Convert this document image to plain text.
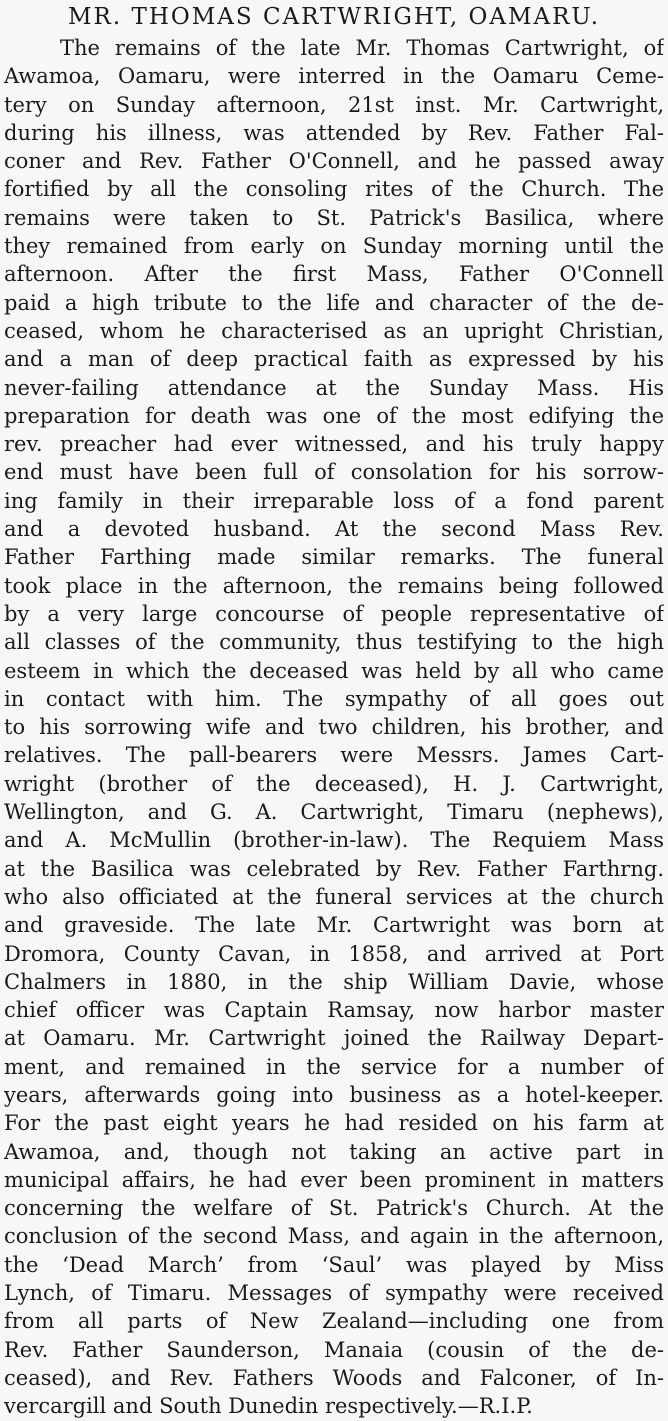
MR. THOMAS CARTWRIGHT, OAMARU.
The remains of the late Mr. Thomas Cartwright, of
Awamoa, Oamaru, were interred in the Oamaru Ceme-
tery on Sunday afternoon, 21st inst. Mr. Cartwright,
during his illness, was attended by Rev. Father Fal-
coner and Rev. Father O'Connell, and he passed away
fortified by all the consoling rites of the Church. The
remains were taken to St. Patrick's Basilica, where
they remained from early on Sunday morning until the
afternoon. After the first Mass, Father O'Connell
paid a high tribute to the life and character of the de-
ceased, whom he characterised as an upright Christian,
and a man of deep practical faith as expressed by his
never-failing attendance at the Sunday Mass. His
preparation for death was one of the most edifying the
rev. preacher had ever witnessed, and his truly happy
end must have been full of consolation for his sorrow-
ing family in their irreparable loss of a fond parent
and a devoted husband. At the second Mass Rev.
Father Farthing made similar remarks. The funeral
took place in the afternoon, the remains being followed
by a very large concourse of people representative of
all classes of the community, thus testifying to the high
esteem in which the deceased was held by all who came
in contact with him. The sympathy of all goes out
to his sorrowing wife and two children, his brother, and
relatives. The pall-bearers were Messrs. James Cart-
wright (brother of the deceased), H. J. Cartwright,
Wellington, and G. A. Cartwright, Timaru (nephews),
and A. McMullin (brother-in-law). The Requiem Mass
at the Basilica was celebrated by Rev. Father Farthrng.
who also officiated at the funeral services at the church
and graveside. The late Mr. Cartwright was born at
Dromora, County Cavan, in 1858, and arrived at Port
Chalmers in 1880, in the ship William Davie, whose
chief officer was Captain Ramsay, now harbor master
at Oamaru. Mr. Cartwright joined the Railway Depart-
ment, and remained in the service for a number of
years, afterwards going into business as a hotel-keeper.
For the past eight years he had resided on his farm at
Awamoa, and, though not taking an active part in
municipal affairs, he had ever been prominent in matters
concerning the welfare of St. Patrick's Church. At the
conclusion of the second Mass, and again in the afternoon,
the ‘Dead March’ from ‘Saul’ was played by Miss
Lynch, of Timaru. Messages of sympathy were received
from all parts of New Zealand—including one from
Rev. Father Saunderson, Manaia (cousin of the de-
ceased), and Rev. Fathers Woods and Falconer, of In-
vercargill and South Dunedin respectively.—R.I.P.
